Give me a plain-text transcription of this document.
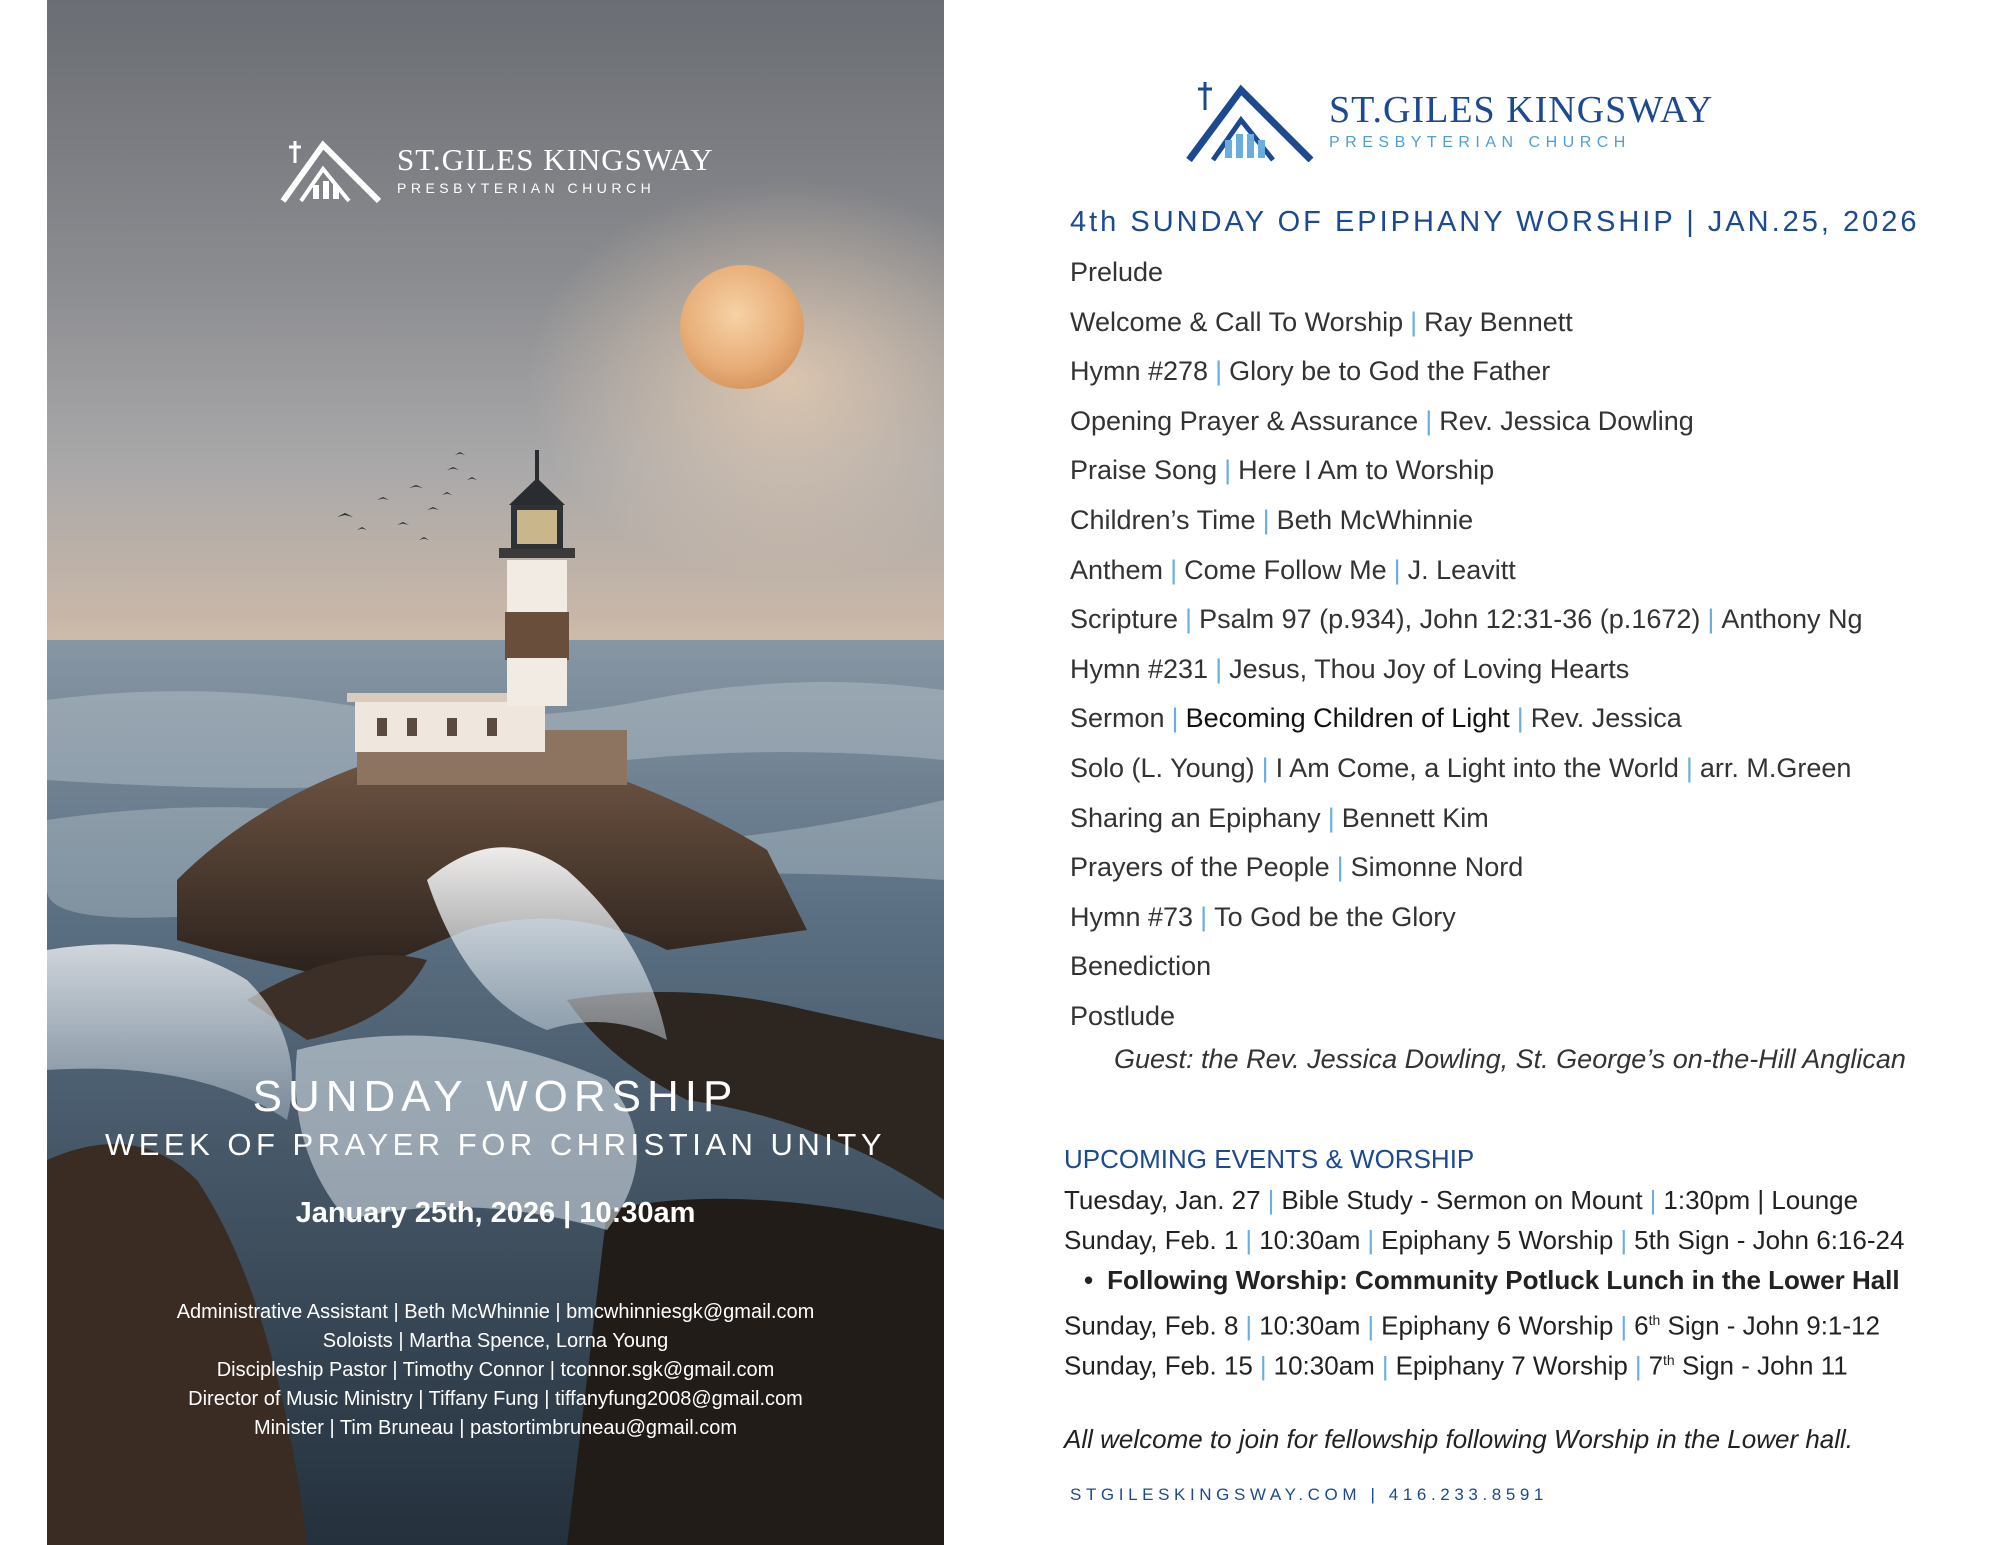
ST.GILES KINGSWAY
PRESBYTERIAN CHURCH
SUNDAY WORSHIP
WEEK OF PRAYER FOR CHRISTIAN UNITY
January 25th, 2026 | 10:30am
Administrative Assistant | Beth McWhinnie | bmcwhinniesgk@gmail.com
Soloists | Martha Spence, Lorna Young
Discipleship Pastor | Timothy Connor | tconnor.sgk@gmail.com
Director of Music Ministry | Tiffany Fung | tiffanyfung2008@gmail.com
Minister | Tim Bruneau | pastortimbruneau@gmail.com
ST.GILES KINGSWAY
PRESBYTERIAN CHURCH
4th SUNDAY OF EPIPHANY WORSHIP | JAN.25, 2026
Prelude
Welcome & Call To Worship | Ray Bennett
Hymn #278 | Glory be to God the Father
Opening Prayer & Assurance | Rev. Jessica Dowling
Praise Song | Here I Am to Worship
Children’s Time | Beth McWhinnie
Anthem | Come Follow Me | J. Leavitt
Scripture | Psalm 97 (p.934), John 12:31-36 (p.1672) | Anthony Ng
Hymn #231 | Jesus, Thou Joy of Loving Hearts
Sermon | Becoming Children of Light | Rev. Jessica
Solo (L. Young) | I Am Come, a Light into the World | arr. M.Green
Sharing an Epiphany | Bennett Kim
Prayers of the People | Simonne Nord
Hymn #73 | To God be the Glory
Benediction
Postlude
Guest: the Rev. Jessica Dowling, St. George’s on-the-Hill Anglican
UPCOMING EVENTS & WORSHIP
Tuesday, Jan. 27 | Bible Study - Sermon on Mount | 1:30pm | Lounge
Sunday, Feb. 1 | 10:30am | Epiphany 5 Worship | 5th Sign - John 6:16-24
• Following Worship: Community Potluck Lunch in the Lower Hall
Sunday, Feb. 8 | 10:30am | Epiphany 6 Worship | 6th Sign - John 9:1-12
Sunday, Feb. 15 | 10:30am | Epiphany 7 Worship | 7th Sign - John 11
All welcome to join for fellowship following Worship in the Lower hall.
STGILESKINGSWAY.COM | 416.233.8591
